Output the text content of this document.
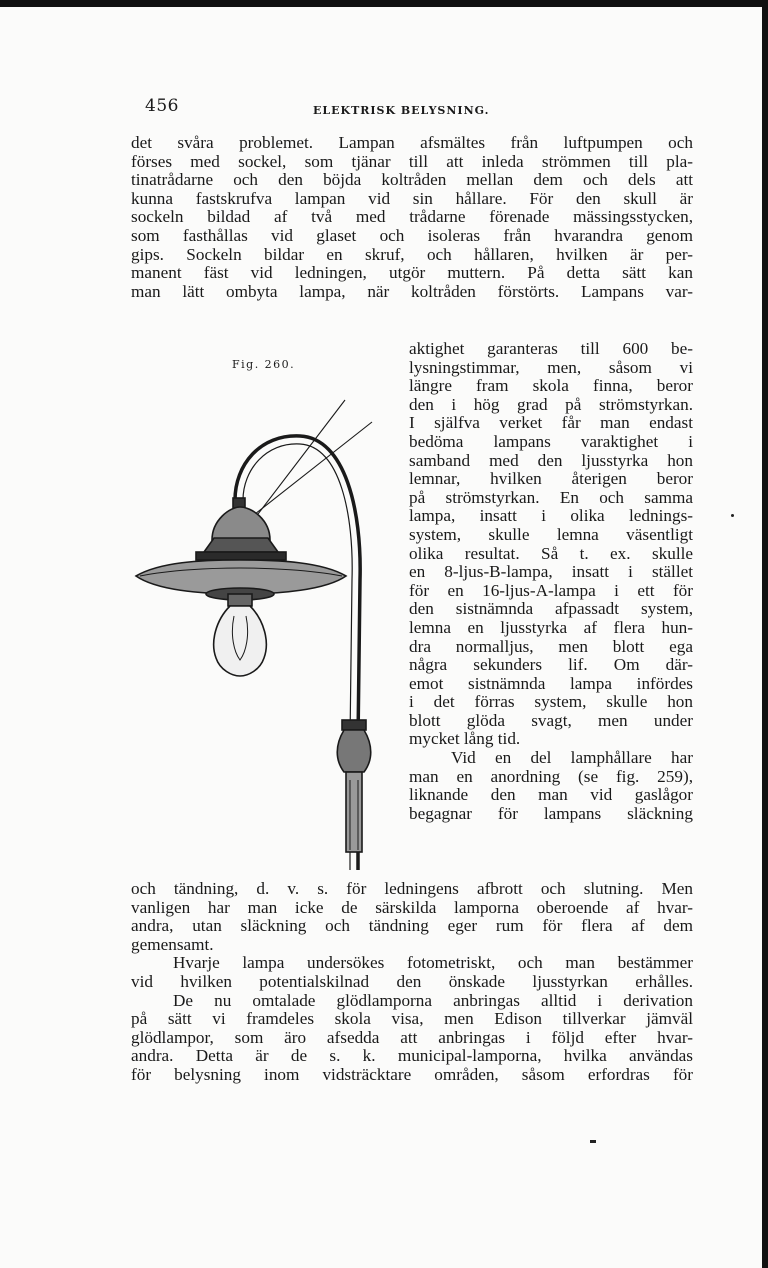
456	ELEKTRISK BELYSNING.
det svåra problemet. Lampan afsmältes från luftpumpen och
förses med sockel, som tjänar till att inleda strömmen till pla-
tinatrådarne och den böjda koltråden mellan dem och dels att
kunna fastskrufva lampan vid sin hållare. För den skull är
sockeln bildad af två med trådarne förenade mässingsstycken,
som fasthållas vid glaset och isoleras från hvarandra genom
gips. Sockeln bildar en skruf, och hållaren, hvilken är per-
manent fäst vid ledningen, utgör muttern. På detta sätt kan
man lätt ombyta lampa, när koltråden förstörts. Lampans var-
Fig. 260.
aktighet garanteras till 600 be-
lysningstimmar, men, såsom vi
längre fram skola finna, beror
den i hög grad på strömstyrkan.
I själfva verket får man endast
bedöma lampans varaktighet i
samband med den ljusstyrka hon
lemnar, hvilken återigen beror
på strömstyrkan. En och samma
lampa, insatt i olika lednings-
system, skulle lemna väsentligt
olika resultat. Så t. ex. skulle
en 8-ljus-B-lampa, insatt i stället
för en 16-ljus-A-lampa i ett för
den sistnämnda afpassadt system,
lemna en ljusstyrka af flera hun-
dra normalljus, men blott ega
några sekunders lif. Om där-
emot sistnämnda lampa infördes
i det förras system, skulle hon
blott glöda svagt, men under
mycket lång tid.
Vid en del lamphållare har
man en anordning (se fig. 259),
liknande den man vid gaslågor
begagnar för lampans släckning
och tändning, d. v. s. för ledningens afbrott och slutning. Men
vanligen har man icke de särskilda lamporna oberoende af hvar-
andra, utan släckning och tändning eger rum för flera af dem
gemensamt.
Hvarje lampa undersökes fotometriskt, och man bestämmer
vid hvilken potentialskilnad den önskade ljusstyrkan erhålles.
De nu omtalade glödlamporna anbringas alltid i derivation
på sätt vi framdeles skola visa, men Edison tillverkar jämväl
glödlampor, som äro afsedda att anbringas i följd efter hvar-
andra. Detta är de s. k. municipal-lamporna, hvilka användas
för belysning inom vidsträcktare områden, såsom erfordras för
